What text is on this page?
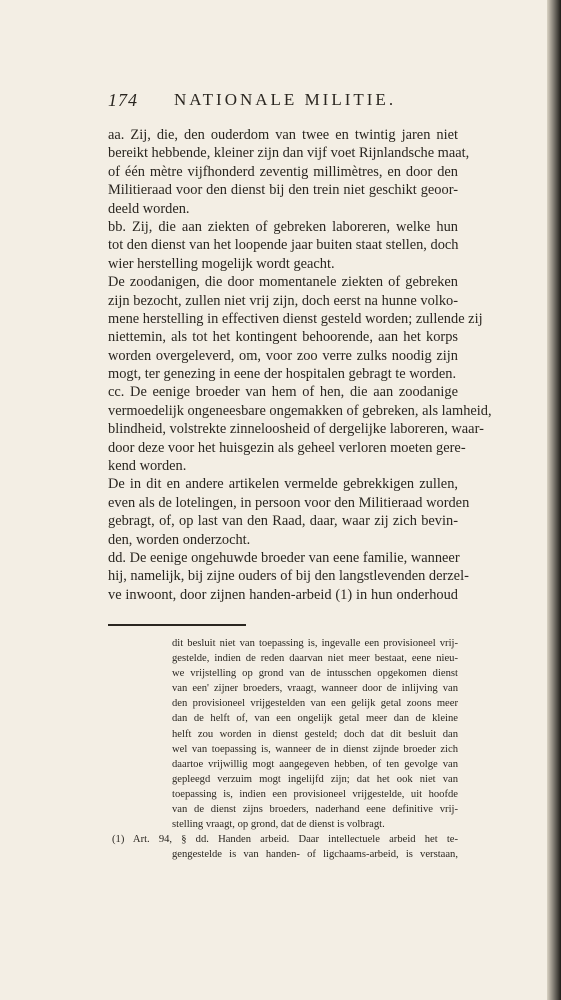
174 NATIONALE MILITIE.
aa. Zij, die, den ouderdom van twee en twintig jaren niet
bereikt hebbende, kleiner zijn dan vijf voet Rijnlandsche maat,
of één mètre vijfhonderd zeventig millimètres, en door den
Militieraad voor den dienst bij den trein niet geschikt geoor-
deeld worden.
bb. Zij, die aan ziekten of gebreken laboreren, welke hun
tot den dienst van het loopende jaar buiten staat stellen, doch
wier herstelling mogelijk wordt geacht.
De zoodanigen, die door momentanele ziekten of gebreken
zijn bezocht, zullen niet vrij zijn, doch eerst na hunne volko-
mene herstelling in effectiven dienst gesteld worden; zullende zij
niettemin, als tot het kontingent behoorende, aan het korps
worden overgeleverd, om, voor zoo verre zulks noodig zijn
mogt, ter genezing in eene der hospitalen gebragt te worden.
cc. De eenige broeder van hem of hen, die aan zoodanige
vermoedelijk ongeneesbare ongemakken of gebreken, als lamheid,
blindheid, volstrekte zinneloosheid of dergelijke laboreren, waar-
door deze voor het huisgezin als geheel verloren moeten gere-
kend worden.
De in dit en andere artikelen vermelde gebrekkigen zullen,
even als de lotelingen, in persoon voor den Militieraad worden
gebragt, of, op last van den Raad, daar, waar zij zich bevin-
den, worden onderzocht.
dd. De eenige ongehuwde broeder van eene familie, wanneer
hij, namelijk, bij zijne ouders of bij den langstlevenden derzel-
ve inwoont, door zijnen handen-arbeid (1) in hun onderhoud
dit besluit niet van toepassing is, ingevalle een provisioneel vrij-
gestelde, indien de reden daarvan niet meer bestaat, eene nieu-
we vrijstelling op grond van de intusschen opgekomen dienst
van een' zijner broeders, vraagt, wanneer door de inlijving van
den provisioneel vrijgestelden van een gelijk getal zoons meer
dan de helft of, van een ongelijk getal meer dan de kleine
helft zou worden in dienst gesteld; doch dat dit besluit dan
wel van toepassing is, wanneer de in dienst zijnde broeder zich
daartoe vrijwillig mogt aangegeven hebben, of ten gevolge van
gepleegd verzuim mogt ingelijfd zijn; dat het ook niet van
toepassing is, indien een provisioneel vrijgestelde, uit hoofde
van de dienst zijns broeders, naderhand eene definitive vrij-
stelling vraagt, op grond, dat de dienst is volbragt.
(1) Art. 94, § dd. Handen arbeid. Daar intellectuele arbeid het te-
gengestelde is van handen- of ligchaams-arbeid, is verstaan,
